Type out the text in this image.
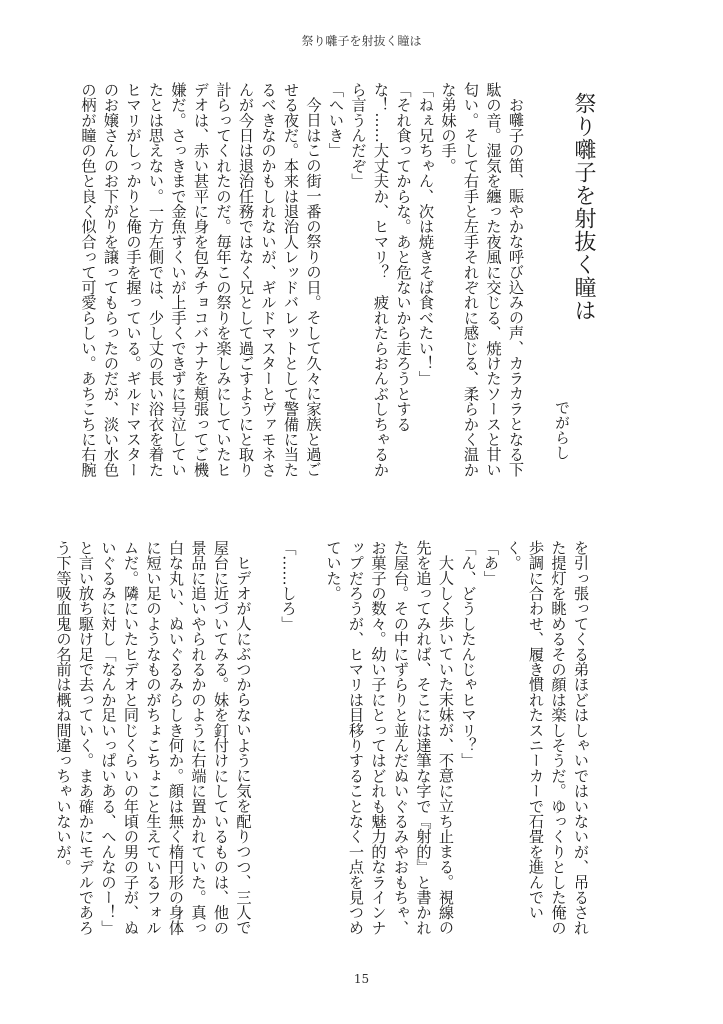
祭り囃子を射抜く瞳は
祭り囃子を射抜く瞳は
でがらし

お囃子の笛、賑やかな呼び込みの声、カラカラとなる下駄の音。湿気を纏った夜風に交じる、焼けたソースと甘い匂い。そして右手と左手それぞれに感じる、柔らかく温かな弟妹の手。

「ねぇ兄ちゃん、次は焼きそば食べたい！」

「それ食ってからな。あと危ないから走ろうとするな！……大丈夫か、ヒマリ？　疲れたらおんぶしちゃるから言うんだぞ」

「へいき」

今日はこの街一番の祭りの日。そして久々に家族と過ごせる夜だ。本来は退治人レッドバレットとして警備に当たるべきなのかもしれないが、ギルドマスターとヴァモネさんが今日は退治任務ではなく兄として過ごすようにと取り計らってくれたのだ。毎年この祭りを楽しみにしていたヒデオは、赤い甚平に身を包みチョコバナナを頬張ってご機嫌だ。さっきまで金魚すくいが上手くできずに号泣していたとは思えない。一方左側では、少し丈の長い浴衣を着たヒマリがしっかりと俺の手を握っている。ギルドマスターのお嬢さんのお下がりを譲ってもらったのだが、淡い水色の柄が瞳の色と良く似合って可愛らしい。あちこちに右腕

を引っ張ってくる弟ほどはしゃいではいないが、吊るされた提灯を眺めるその顔は楽しそうだ。ゆっくりとした俺の歩調に合わせ、履き慣れたスニーカーで石畳を進んでいく。

「あ」

「ん、どうしたんじゃヒマリ？」

大人しく歩いていた末妹が、不意に立ち止まる。視線の先を追ってみれば、そこには達筆な字で『射的』と書かれた屋台。その中にずらりと並んだぬいぐるみやおもちゃ、お菓子の数々。幼い子にとってはどれも魅力的なラインナップだろうが、ヒマリは目移りすることなく一点を見つめていた。

「……しろ」

ヒデオが人にぶつからないように気を配りつつ、三人で屋台に近づいてみる。妹を釘付けにしているものは、他の景品に追いやられるかのように右端に置かれていた。真っ白な丸い、ぬいぐるみらしき何か。顔は無く楕円形の身体に短い足のようなものがちょこちょこと生えているフォルムだ。隣にいたヒデオと同じくらいの年頃の男の子が、ぬいぐるみに対し「なんか足いっぱいある、へんなのー！」と言い放ち駆け足で去っていく。まあ確かにモデルであろう下等吸血鬼の名前は概ね間違っちゃいないが。

15
